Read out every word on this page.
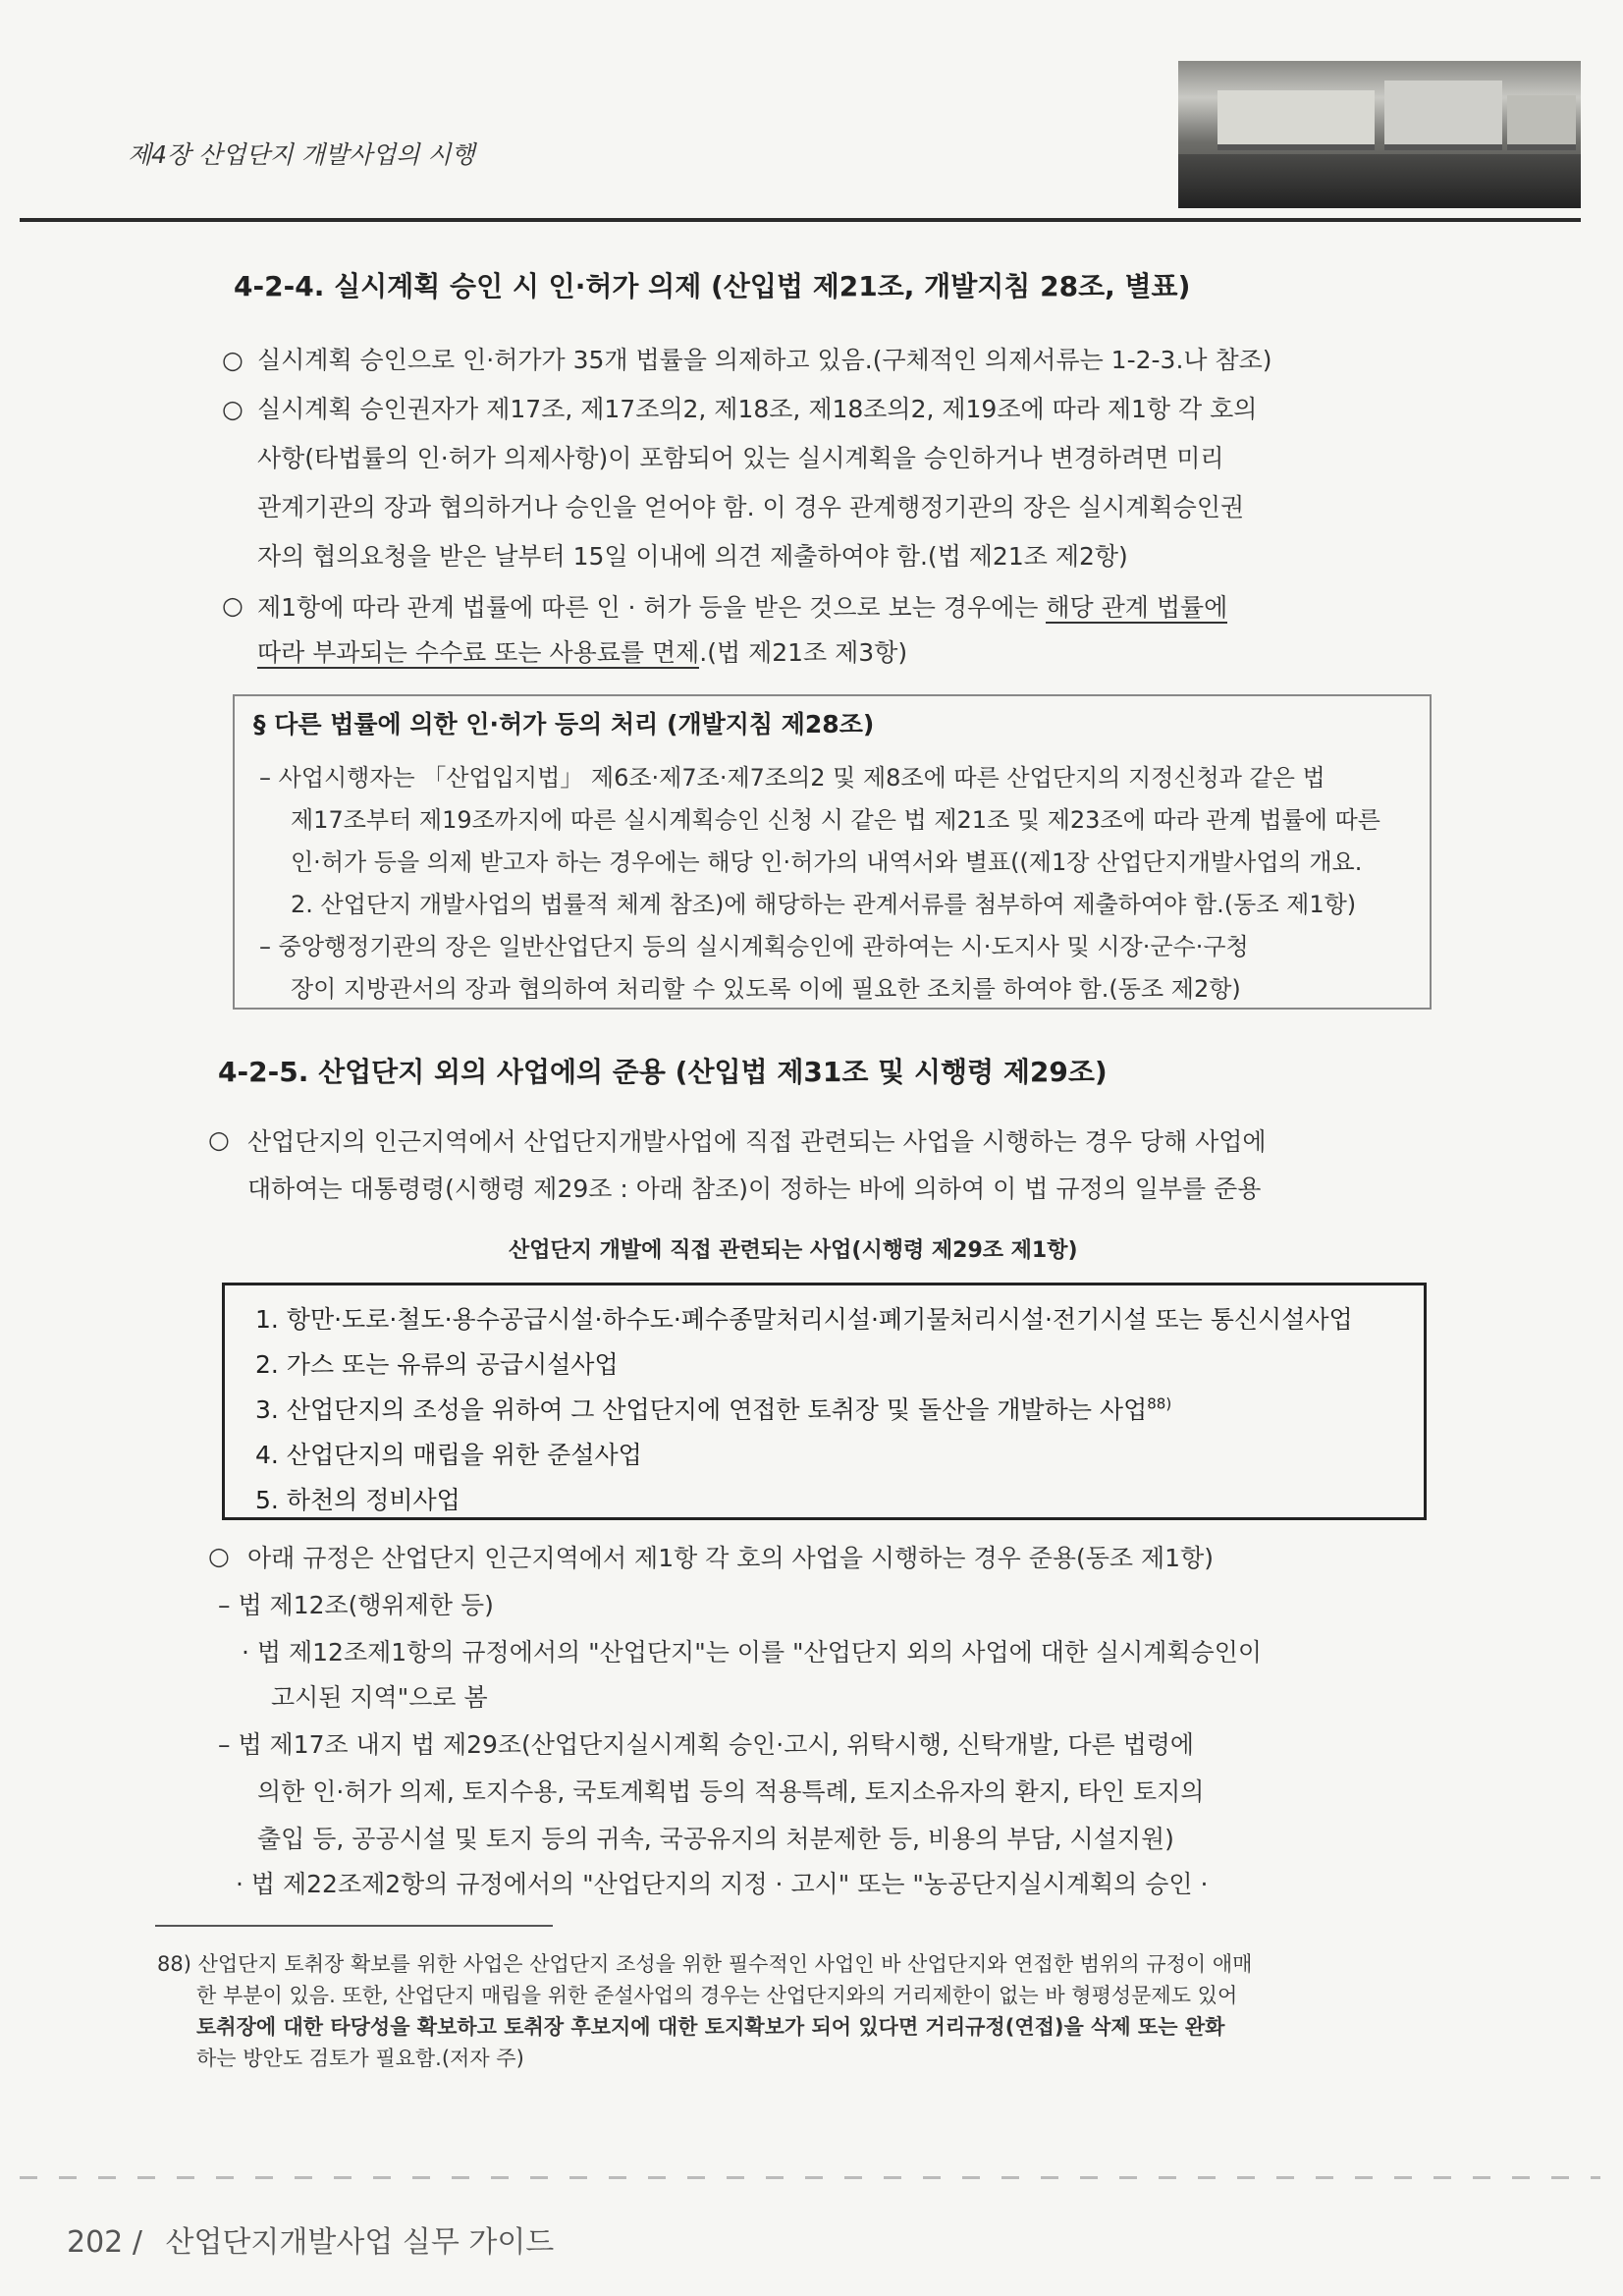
제4장 산업단지 개발사업의 시행
4-2-4. 실시계획 승인 시 인·허가 의제 (산입법 제21조, 개발지침 28조, 별표)
○ 실시계획 승인으로 인·허가가 35개 법률을 의제하고 있음.(구체적인 의제서류는 1-2-3.나 참조)
○ 실시계획 승인권자가 제17조, 제17조의2, 제18조, 제18조의2, 제19조에 따라 제1항 각 호의
사항(타법률의 인·허가 의제사항)이 포함되어 있는 실시계획을 승인하거나 변경하려면 미리
관계기관의 장과 협의하거나 승인을 얻어야 함. 이 경우 관계행정기관의 장은 실시계획승인권
자의 협의요청을 받은 날부터 15일 이내에 의견 제출하여야 함.(법 제21조 제2항)
○ 제1항에 따라 관계 법률에 따른 인 · 허가 등을 받은 것으로 보는 경우에는 해당 관계 법률에
따라 부과되는 수수료 또는 사용료를 면제.(법 제21조 제3항)
§ 다른 법률에 의한 인·허가 등의 처리 (개발지침 제28조)
– 사업시행자는 「산업입지법」 제6조·제7조·제7조의2 및 제8조에 따른 산업단지의 지정신청과 같은 법
제17조부터 제19조까지에 따른 실시계획승인 신청 시 같은 법 제21조 및 제23조에 따라 관계 법률에 따른
인·허가 등을 의제 받고자 하는 경우에는 해당 인·허가의 내역서와 별표((제1장 산업단지개발사업의 개요.
2. 산업단지 개발사업의 법률적 체계 참조)에 해당하는 관계서류를 첨부하여 제출하여야 함.(동조 제1항)
– 중앙행정기관의 장은 일반산업단지 등의 실시계획승인에 관하여는 시·도지사 및 시장·군수·구청
장이 지방관서의 장과 협의하여 처리할 수 있도록 이에 필요한 조치를 하여야 함.(동조 제2항)
4-2-5. 산업단지 외의 사업에의 준용 (산입법 제31조 및 시행령 제29조)
○ 산업단지의 인근지역에서 산업단지개발사업에 직접 관련되는 사업을 시행하는 경우 당해 사업에
대하여는 대통령령(시행령 제29조 : 아래 참조)이 정하는 바에 의하여 이 법 규정의 일부를 준용
산업단지 개발에 직접 관련되는 사업(시행령 제29조 제1항)
1. 항만·도로·철도·용수공급시설·하수도·폐수종말처리시설·폐기물처리시설·전기시설 또는 통신시설사업
2. 가스 또는 유류의 공급시설사업
3. 산업단지의 조성을 위하여 그 산업단지에 연접한 토취장 및 돌산을 개발하는 사업$^{88)}$
4. 산업단지의 매립을 위한 준설사업
5. 하천의 정비사업
○ 아래 규정은 산업단지 인근지역에서 제1항 각 호의 사업을 시행하는 경우 준용(동조 제1항)
– 법 제12조(행위제한 등)
· 법 제12조제1항의 규정에서의 "산업단지"는 이를 "산업단지 외의 사업에 대한 실시계획승인이
고시된 지역"으로 봄
– 법 제17조 내지 법 제29조(산업단지실시계획 승인·고시, 위탁시행, 신탁개발, 다른 법령에
의한 인·허가 의제, 토지수용, 국토계획법 등의 적용특례, 토지소유자의 환지, 타인 토지의
출입 등, 공공시설 및 토지 등의 귀속, 국공유지의 처분제한 등, 비용의 부담, 시설지원)
· 법 제22조제2항의 규정에서의 "산업단지의 지정 · 고시" 또는 "농공단지실시계획의 승인 ·
88) 산업단지 토취장 확보를 위한 사업은 산업단지 조성을 위한 필수적인 사업인 바 산업단지와 연접한 범위의 규정이 애매
한 부분이 있음. 또한, 산업단지 매립을 위한 준설사업의 경우는 산업단지와의 거리제한이 없는 바 형평성문제도 있어
토취장에 대한 타당성을 확보하고 토취장 후보지에 대한 토지확보가 되어 있다면 거리규정(연접)을 삭제 또는 완화
하는 방안도 검토가 필요함.(저자 주)
202 / 산업단지개발사업 실무 가이드
